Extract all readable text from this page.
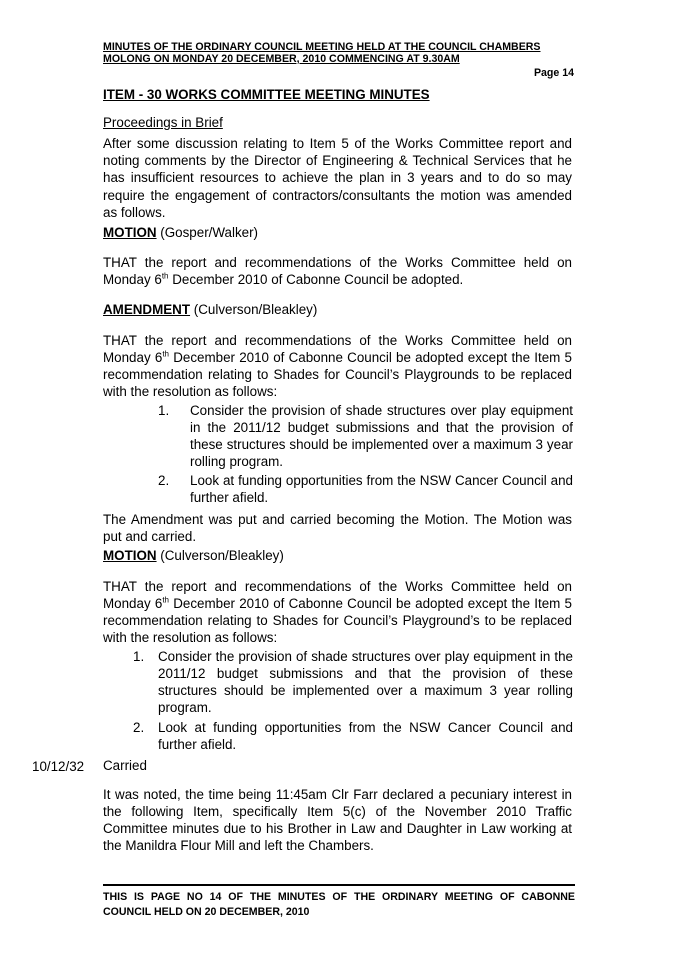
MINUTES OF THE ORDINARY COUNCIL MEETING HELD AT THE COUNCIL CHAMBERS
MOLONG ON MONDAY 20 DECEMBER, 2010 COMMENCING AT 9.30AM
Page 14
ITEM - 30 WORKS COMMITTEE MEETING MINUTES
Proceedings in Brief
After some discussion relating to Item 5 of the Works Committee report and noting comments by the Director of Engineering & Technical Services that he has insufficient resources to achieve the plan in 3 years and to do so may require the engagement of contractors/consultants the motion was amended as follows.
MOTION (Gosper/Walker)
THAT the report and recommendations of the Works Committee held on Monday 6th December 2010 of Cabonne Council be adopted.
AMENDMENT (Culverson/Bleakley)
THAT the report and recommendations of the Works Committee held on Monday 6th December 2010 of Cabonne Council be adopted except the Item 5 recommendation relating to Shades for Council’s Playgrounds to be replaced with the resolution as follows:
1. Consider the provision of shade structures over play equipment in the 2011/12 budget submissions and that the provision of these structures should be implemented over a maximum 3 year rolling program.
2. Look at funding opportunities from the NSW Cancer Council and further afield.
The Amendment was put and carried becoming the Motion. The Motion was put and carried.
MOTION (Culverson/Bleakley)
THAT the report and recommendations of the Works Committee held on Monday 6th December 2010 of Cabonne Council be adopted except the Item 5 recommendation relating to Shades for Council’s Playground’s to be replaced with the resolution as follows:
1. Consider the provision of shade structures over play equipment in the 2011/12 budget submissions and that the provision of these structures should be implemented over a maximum 3 year rolling program.
2. Look at funding opportunities from the NSW Cancer Council and further afield.
10/12/32 Carried
It was noted, the time being 11:45am Clr Farr declared a pecuniary interest in the following Item, specifically Item 5(c) of the November 2010 Traffic Committee minutes due to his Brother in Law and Daughter in Law working at the Manildra Flour Mill and left the Chambers.
THIS IS PAGE NO 14 OF THE MINUTES OF THE ORDINARY MEETING OF CABONNE COUNCIL HELD ON 20 DECEMBER, 2010
